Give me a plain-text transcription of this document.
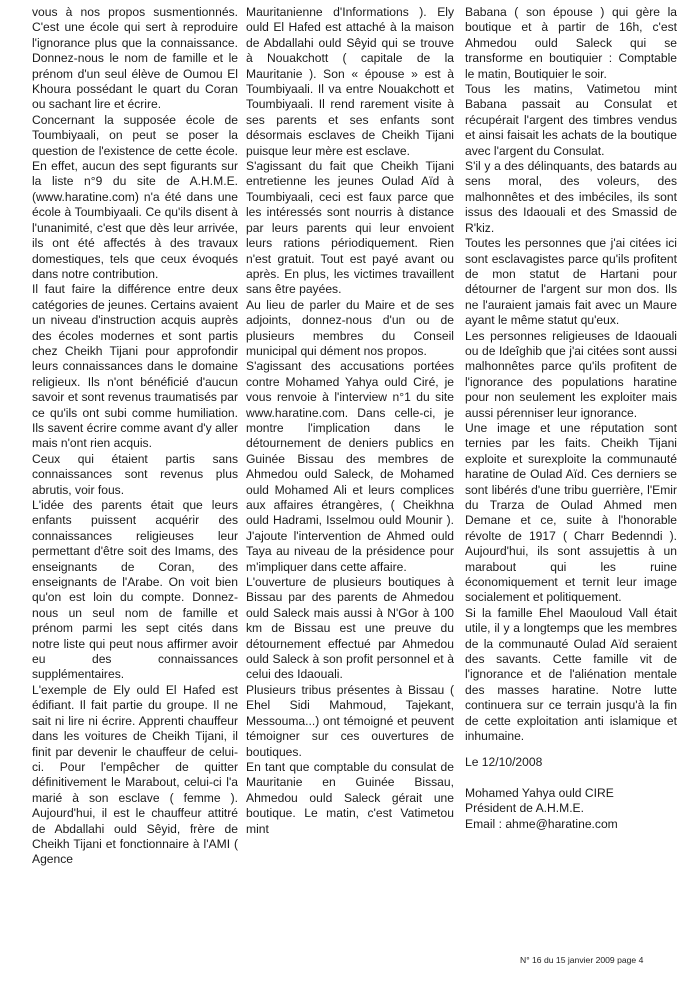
vous à nos propos susmentionnés. C'est une école qui sert à reproduire l'ignorance plus que la connaissance. Donnez-nous le nom de famille et le prénom d'un seul élève de Oumou El Khoura possédant le quart du Coran ou sachant lire et écrire.

Concernant la supposée école de Toumbiyaali, on peut se poser la question de l'existence de cette école. En effet, aucun des sept figurants sur la liste n°9 du site de A.H.M.E. (www.haratine.com) n'a été dans une école à Toumbiyaali. Ce qu'ils disent à l'unanimité, c'est que dès leur arrivée, ils ont été affectés à des travaux domestiques, tels que ceux évoqués dans notre contribution.

Il faut faire la différence entre deux catégories de jeunes. Certains avaient un niveau d'instruction acquis auprès des écoles modernes et sont partis chez Cheikh Tijani pour approfondir leurs connaissances dans le domaine religieux. Ils n'ont bénéficié d'aucun savoir et sont revenus traumatisés par ce qu'ils ont subi comme humiliation. Ils savent écrire comme avant d'y aller mais n'ont rien acquis.

Ceux qui étaient partis sans connaissances sont revenus plus abrutis, voir fous.

L'idée des parents était que leurs enfants puissent acquérir des connaissances religieuses leur permettant d'être soit des Imams, des enseignants de Coran, des enseignants de l'Arabe. On voit bien qu'on est loin du compte. Donnez-nous un seul nom de famille et prénom parmi les sept cités dans notre liste qui peut nous affirmer avoir eu des connaissances supplémentaires.

L'exemple de Ely ould El Hafed est édifiant. Il fait partie du groupe. Il ne sait ni lire ni écrire. Apprenti chauffeur dans les voitures de Cheikh Tijani, il finit par devenir le chauffeur de celui-ci. Pour l'empêcher de quitter définitivement le Marabout, celui-ci l'a marié à son esclave ( femme ). Aujourd'hui, il est le chauffeur attitré de Abdallahi ould Sêyid, frère de Cheikh Tijani et fonctionnaire à l'AMI ( Agence

Mauritanienne d'Informations ). Ely ould El Hafed est attaché à la maison de Abdallahi ould Sêyid qui se trouve à Nouakchott ( capitale de la Mauritanie ). Son « épouse » est à Toumbiyaali. Il va entre Nouakchott et Toumbiyaali. Il rend rarement visite à ses parents et ses enfants sont désormais esclaves de Cheikh Tijani puisque leur mère est esclave.

S'agissant du fait que Cheikh Tijani entretienne les jeunes Oulad Aïd à Toumbiyaali, ceci est faux parce que les intéressés sont nourris à distance par leurs parents qui leur envoient leurs rations périodiquement. Rien n'est gratuit. Tout est payé avant ou après. En plus, les victimes travaillent sans être payées.

Au lieu de parler du Maire et de ses adjoints, donnez-nous d'un ou de plusieurs membres du Conseil municipal qui dément nos propos.

S'agissant des accusations portées contre Mohamed Yahya ould Ciré, je vous renvoie à l'interview n°1 du site www.haratine.com. Dans celle-ci, je montre l'implication dans le détournement de deniers publics en Guinée Bissau des membres de Ahmedou ould Saleck, de Mohamed ould Mohamed Ali et leurs complices aux affaires étrangères, ( Cheikhna ould Hadrami, Isselmou ould Mounir ). J'ajoute l'intervention de Ahmed ould Taya au niveau de la présidence pour m'impliquer dans cette affaire.

L'ouverture de plusieurs boutiques à Bissau par des parents de Ahmedou ould Saleck mais aussi à N'Gor à 100 km de Bissau est une preuve du détournement effectué par Ahmedou ould Saleck à son profit personnel et à celui des Idaouali.

Plusieurs tribus présentes à Bissau ( Ehel Sidi Mahmoud, Tajekant, Messouma...) ont témoigné et peuvent témoigner sur ces ouvertures de boutiques.

En tant que comptable du consulat de Mauritanie en Guinée Bissau, Ahmedou ould Saleck gérait une boutique. Le matin, c'est Vatimetou mint

Babana ( son épouse ) qui gère la boutique et à partir de 16h, c'est Ahmedou ould Saleck qui se transforme en boutiquier : Comptable le matin, Boutiquier le soir.

Tous les matins, Vatimetou mint Babana passait au Consulat et récupérait l'argent des timbres vendus et ainsi faisait les achats de la boutique avec l'argent du Consulat.

S'il y a des délinquants, des batards au sens moral, des voleurs, des malhonnêtes et des imbéciles, ils sont issus des Idaouali et des Smassid de R'kiz.

Toutes les personnes que j'ai citées ici sont esclavagistes parce qu'ils profitent de mon statut de Hartani pour détourner de l'argent sur mon dos. Ils ne l'auraient jamais fait avec un Maure ayant le même statut qu'eux.

Les personnes religieuses de Idaouali ou de Ideîghib que j'ai citées sont aussi malhonnêtes parce qu'ils profitent de l'ignorance des populations haratine pour non seulement les exploiter mais aussi pérenniser leur ignorance.

Une image et une réputation sont ternies par les faits. Cheikh Tijani exploite et surexploite la communauté haratine de Oulad Aïd. Ces derniers se sont libérés d'une tribu guerrière, l'Emir du Trarza de Oulad Ahmed men Demane et ce, suite à l'honorable révolte de 1917 ( Charr Bedenndi ). Aujourd'hui, ils sont assujettis à un marabout qui les ruine économiquement et ternit leur image socialement et politiquement.

Si la famille Ehel Maouloud Vall était utile, il y a longtemps que les membres de la communauté Oulad Aïd seraient des savants. Cette famille vit de l'ignorance et de l'aliénation mentale des masses haratine. Notre lutte continuera sur ce terrain jusqu'à la fin de cette exploitation anti islamique et inhumaine.

Le 12/10/2008

Mohamed Yahya ould CIRE

Président de A.H.M.E.

Email : ahme@haratine.com

N° 16 du 15 janvier 2009 page 4
